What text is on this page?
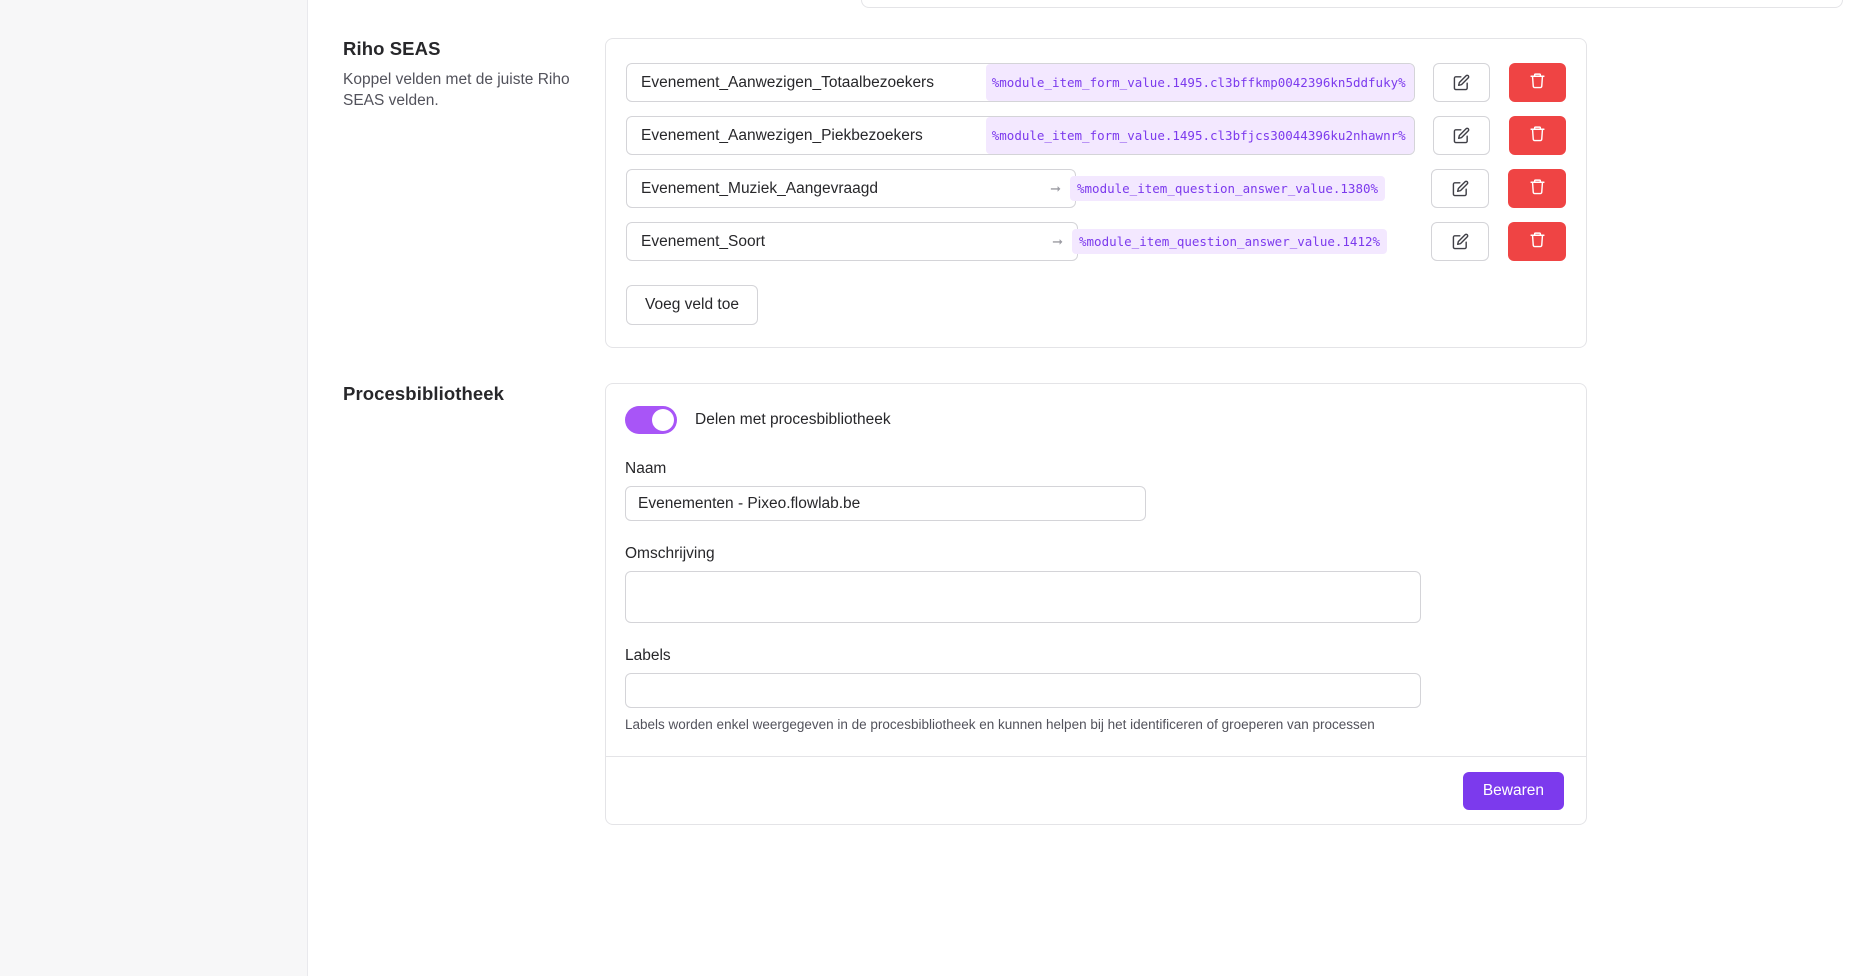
Riho SEAS

Koppel velden met de juiste Riho SEAS velden.

Evenement_Aanwezigen_Totaalbezoekers	%module_item_form_value.1495.cl3bffkmp0042396kn5ddfuky%
Evenement_Aanwezigen_Piekbezoekers	%module_item_form_value.1495.cl3bfjcs30044396ku2nhawnr%
Evenement_Muziek_Aangevraagd	➞	%module_item_question_answer_value.1380%
Evenement_Soort	➞	%module_item_question_answer_value.1412%
Voeg veld toe
Procesbibliotheek
Delen met procesbibliotheek
Naam
Evenementen - Pixeo.flowlab.be
Omschrijving
Labels
Labels worden enkel weergegeven in de procesbibliotheek en kunnen helpen bij het identificeren of groeperen van processen
Bewaren
